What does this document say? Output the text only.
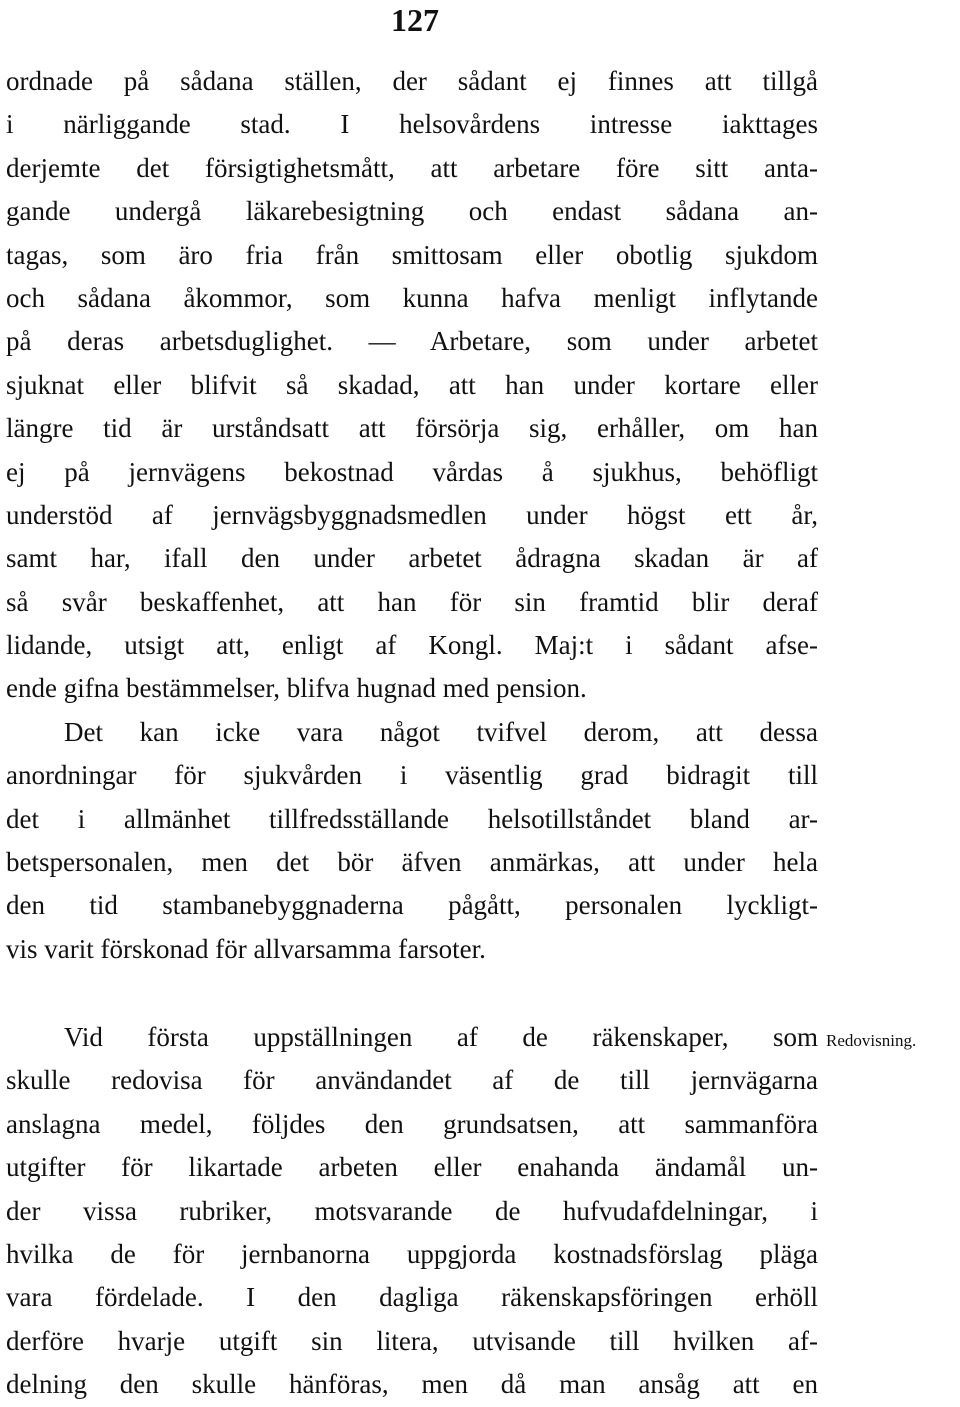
127
ordnade på sådana ställen, der sådant ej finnes att tillgå
i närliggande stad. I helsovårdens intresse iakttages
derjemte det försigtighetsmått, att arbetare före sitt anta-
gande undergå läkarebesigtning och endast sådana an-
tagas, som äro fria från smittosam eller obotlig sjukdom
och sådana åkommor, som kunna hafva menligt inflytande
på deras arbetsduglighet. — Arbetare, som under arbetet
sjuknat eller blifvit så skadad, att han under kortare eller
längre tid är urståndsatt att försörja sig, erhåller, om han
ej på jernvägens bekostnad vårdas å sjukhus, behöfligt
understöd af jernvägsbyggnadsmedlen under högst ett år,
samt har, ifall den under arbetet ådragna skadan är af
så svår beskaffenhet, att han för sin framtid blir deraf
lidande, utsigt att, enligt af Kongl. Maj:t i sådant afse-
ende gifna bestämmelser, blifva hugnad med pension.
Det kan icke vara något tvifvel derom, att dessa
anordningar för sjukvården i väsentlig grad bidragit till
det i allmänhet tillfredsställande helsotillståndet bland ar-
betspersonalen, men det bör äfven anmärkas, att under hela
den tid stambanebyggnaderna pågått, personalen lyckligt-
vis varit förskonad för allvarsamma farsoter.
Redovisning.
Vid första uppställningen af de räkenskaper, som
skulle redovisa för användandet af de till jernvägarna
anslagna medel, följdes den grundsatsen, att sammanföra
utgifter för likartade arbeten eller enahanda ändamål un-
der vissa rubriker, motsvarande de hufvudafdelningar, i
hvilka de för jernbanorna uppgjorda kostnadsförslag pläga
vara fördelade. I den dagliga räkenskapsföringen erhöll
derföre hvarje utgift sin litera, utvisande till hvilken af-
delning den skulle hänföras, men då man ansåg att en
